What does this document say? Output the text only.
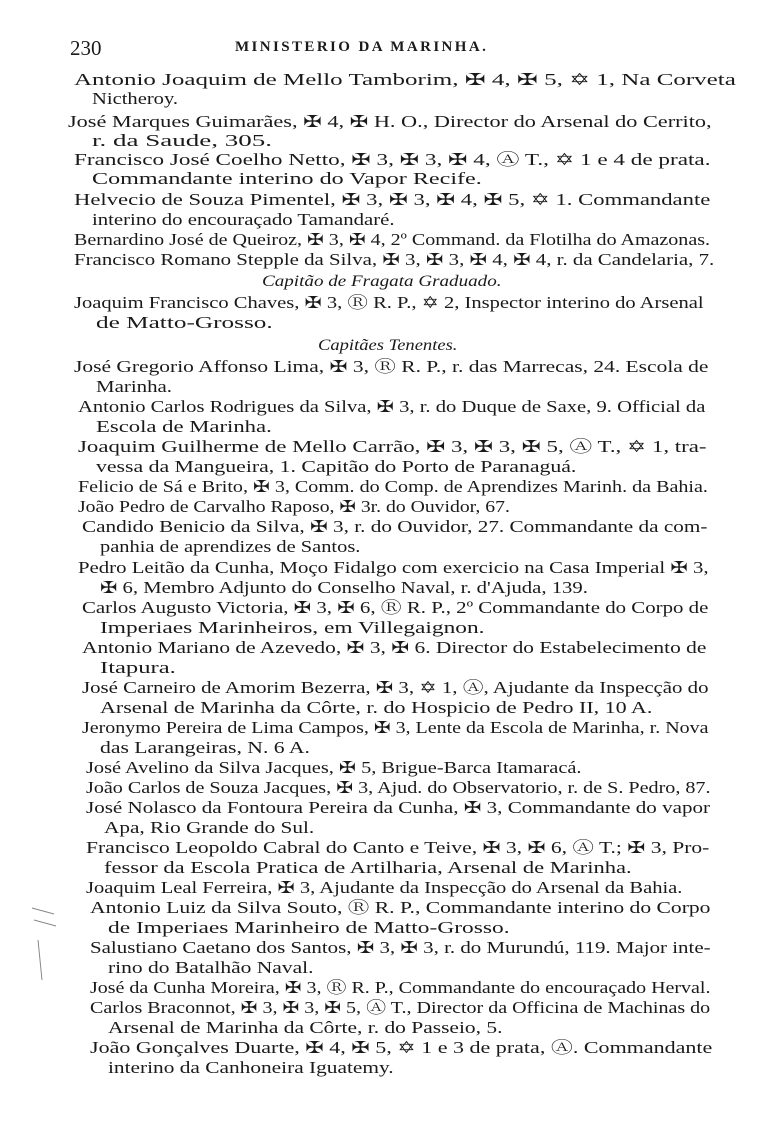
230	MINISTERIO DA MARINHA.
Antonio Joaquim de Mello Tamborim, ✠ 4, ✠ 5, ✡ 1, Na Corveta
Nictheroy.
José Marques Guimarães, ✠ 4, ✠ H. O., Director do Arsenal do Cerrito,
r. da Saude, 305.
Francisco José Coelho Netto, ✠ 3, ✠ 3, ✠ 4, Ⓐ T., ✡ 1 e 4 de prata.
Commandante interino do Vapor Recife.
Helvecio de Souza Pimentel, ✠ 3, ✠ 3, ✠ 4, ✠ 5, ✡ 1. Commandante
interino do encouraçado Tamandaré.
Bernardino José de Queiroz, ✠ 3, ✠ 4, 2º Command. da Flotilha do Amazonas.
Francisco Romano Stepple da Silva, ✠ 3, ✠ 3, ✠ 4, ✠ 4, r. da Candelaria, 7.
Capitão de Fragata Graduado.
Joaquim Francisco Chaves, ✠ 3, Ⓡ R. P., ✡ 2, Inspector interino do Arsenal
de Matto-Grosso.
Capitães Tenentes.
José Gregorio Affonso Lima, ✠ 3, Ⓡ R. P., r. das Marrecas, 24. Escola de
Marinha.
Antonio Carlos Rodrigues da Silva, ✠ 3, r. do Duque de Saxe, 9. Official da
Escola de Marinha.
Joaquim Guilherme de Mello Carrão, ✠ 3, ✠ 3, ✠ 5, Ⓐ T., ✡ 1, tra-
vessa da Mangueira, 1. Capitão do Porto de Paranaguá.
Felicio de Sá e Brito, ✠ 3, Comm. do Comp. de Aprendizes Marinh. da Bahia.
João Pedro de Carvalho Raposo, ✠ 3r. do Ouvidor, 67.
Candido Benicio da Silva, ✠ 3, r. do Ouvidor, 27. Commandante da com-
panhia de aprendizes de Santos.
Pedro Leitão da Cunha, Moço Fidalgo com exercicio na Casa Imperial ✠ 3,
✠ 6, Membro Adjunto do Conselho Naval, r. d'Ajuda, 139.
Carlos Augusto Victoria, ✠ 3, ✠ 6, Ⓡ R. P., 2º Commandante do Corpo de
Imperiaes Marinheiros, em Villegaignon.
Antonio Mariano de Azevedo, ✠ 3, ✠ 6. Director do Estabelecimento de
Itapura.
José Carneiro de Amorim Bezerra, ✠ 3, ✡ 1, Ⓐ, Ajudante da Inspecção do
Arsenal de Marinha da Côrte, r. do Hospicio de Pedro II, 10 A.
Jeronymo Pereira de Lima Campos, ✠ 3, Lente da Escola de Marinha, r. Nova
das Larangeiras, N. 6 A.
José Avelino da Silva Jacques, ✠ 5, Brigue-Barca Itamaracá.
João Carlos de Souza Jacques, ✠ 3, Ajud. do Observatorio, r. de S. Pedro, 87.
José Nolasco da Fontoura Pereira da Cunha, ✠ 3, Commandante do vapor
Apa, Rio Grande do Sul.
Francisco Leopoldo Cabral do Canto e Teive, ✠ 3, ✠ 6, Ⓐ T.; ✠ 3, Pro-
fessor da Escola Pratica de Artilharia, Arsenal de Marinha.
Joaquim Leal Ferreira, ✠ 3, Ajudante da Inspecção do Arsenal da Bahia.
Antonio Luiz da Silva Souto, Ⓡ R. P., Commandante interino do Corpo
de Imperiaes Marinheiro de Matto-Grosso.
Salustiano Caetano dos Santos, ✠ 3, ✠ 3, r. do Murundú, 119. Major inte-
rino do Batalhão Naval.
José da Cunha Moreira, ✠ 3, Ⓡ R. P., Commandante do encouraçado Herval.
Carlos Braconnot, ✠ 3, ✠ 3, ✠ 5, Ⓐ T., Director da Officina de Machinas do
Arsenal de Marinha da Côrte, r. do Passeio, 5.
João Gonçalves Duarte, ✠ 4, ✠ 5, ✡ 1 e 3 de prata, Ⓐ. Commandante
interino da Canhoneira Iguatemy.
